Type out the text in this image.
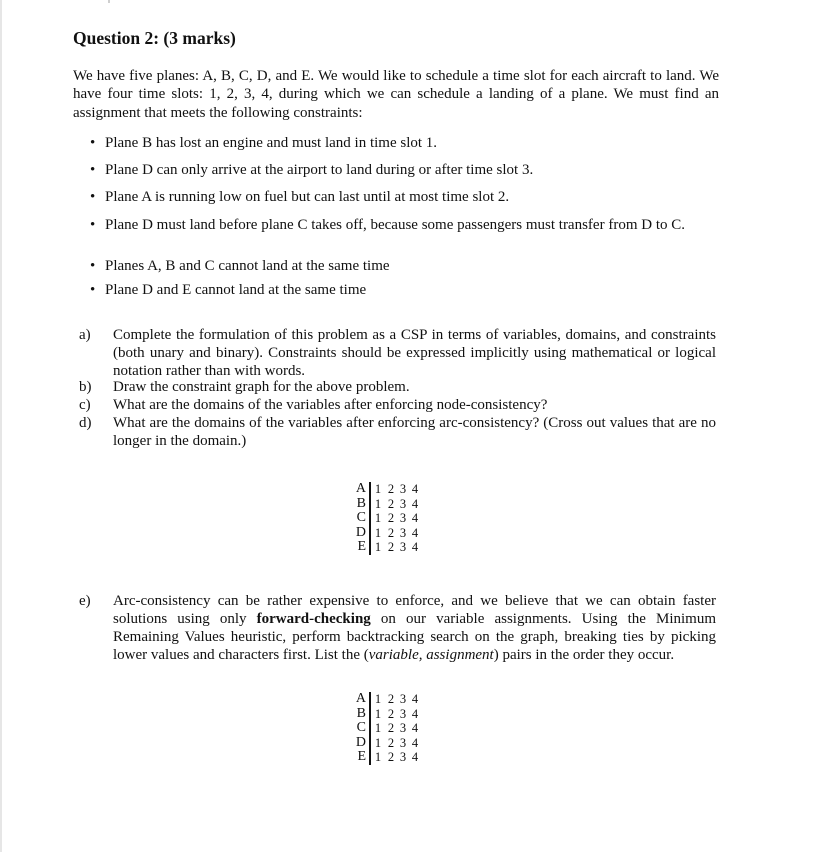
Question 2: (3 marks)
We have five planes: A, B, C, D, and E. We would like to schedule a time slot for each aircraft to land. We have four time slots: 1, 2, 3, 4, during which we can schedule a landing of a plane. We must find an assignment that meets the following constraints:
• Plane B has lost an engine and must land in time slot 1.
• Plane D can only arrive at the airport to land during or after time slot 3.
• Plane A is running low on fuel but can last until at most time slot 2.
• Plane D must land before plane C takes off, because some passengers must transfer from D to C.
• Planes A, B and C cannot land at the same time
• Plane D and E cannot land at the same time
a) Complete the formulation of this problem as a CSP in terms of variables, domains, and constraints (both unary and binary). Constraints should be expressed implicitly using mathematical or logical notation rather than with words.
b) Draw the constraint graph for the above problem.
c) What are the domains of the variables after enforcing node-consistency?
d) What are the domains of the variables after enforcing arc-consistency? (Cross out values that are no longer in the domain.)
A	1	2	3	4
B	1	2	3	4
C	1	2	3	4
D	1	2	3	4
E	1	2	3	4
e) Arc-consistency can be rather expensive to enforce, and we believe that we can obtain faster solutions using only forward-checking on our variable assignments. Using the Minimum Remaining Values heuristic, perform backtracking search on the graph, breaking ties by picking lower values and characters first. List the (variable, assignment) pairs in the order they occur.
A	1	2	3	4
B	1	2	3	4
C	1	2	3	4
D	1	2	3	4
E	1	2	3	4
